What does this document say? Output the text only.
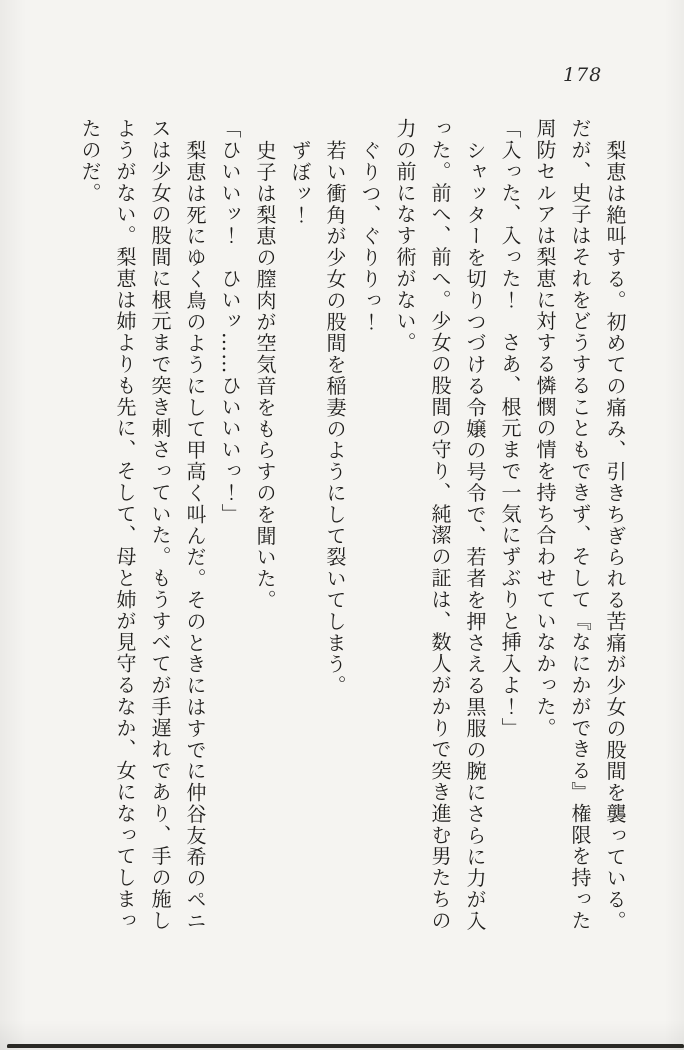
178

梨恵は絶叫する。初めての痛み、引きちぎられる苦痛が少女の股間を襲っている。だが、史子はそれをどうすることもできず、そして『なにかができる』権限を持った周防セルアは梨恵に対する憐憫の情を持ち合わせていなかった。

「入った、入った！　さあ、根元まで一気にずぶりと挿入よ！」

シャッターを切りつづける令嬢の号令で、若者を押さえる黒服の腕にさらに力が入った。前へ、前へ。少女の股間の守り、純潔の証は、数人がかりで突き進む男たちの力の前になす術がない。

ぐりつ、ぐりりっ！

若い衝角が少女の股間を稲妻のようにして裂いてしまう。

ずぼッ！

史子は梨恵の膣肉が空気音をもらすのを聞いた。

「ひいいッ！　ひいッ……ひいいいっ！」

梨恵は死にゆく鳥のようにして甲高く叫んだ。そのときにはすでに仲谷友希のペニスは少女の股間に根元まで突き刺さっていた。もうすべてが手遅れであり、手の施しようがない。梨恵は姉よりも先に、そして、母と姉が見守るなか、女になってしまったのだ。
